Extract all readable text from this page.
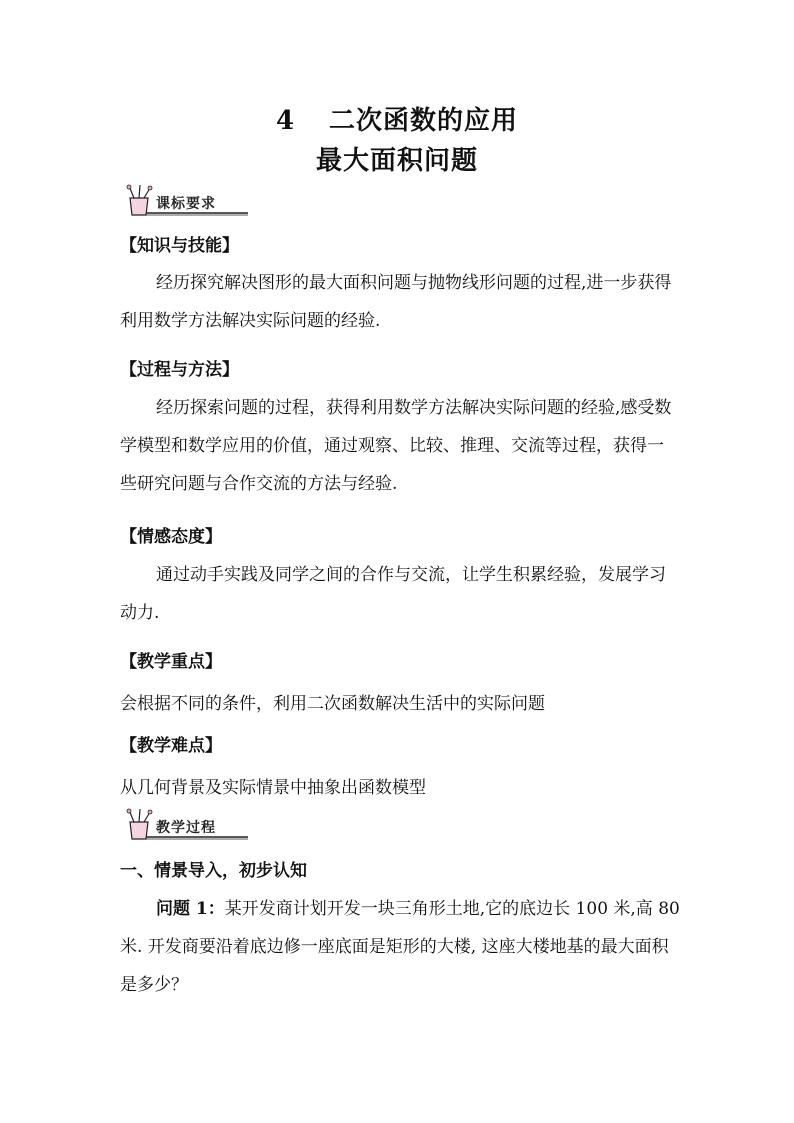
4 二次函数的应用
最大面积问题
课标要求
【知识与技能】
经历探究解决图形的最大面积问题与抛物线形问题的过程,进一步获得利用数学方法解决实际问题的经验.
【过程与方法】
经历探索问题的过程，获得利用数学方法解决实际问题的经验,感受数学模型和数学应用的价值，通过观察、比较、推理、交流等过程，获得一些研究问题与合作交流的方法与经验.
【情感态度】
通过动手实践及同学之间的合作与交流，让学生积累经验，发展学习动力.
【教学重点】
会根据不同的条件，利用二次函数解决生活中的实际问题
【教学难点】
从几何背景及实际情景中抽象出函数模型
教学过程
一、情景导入，初步认知
问题 1：某开发商计划开发一块三角形土地,它的底边长 100 米,高 80 米. 开发商要沿着底边修一座底面是矩形的大楼, 这座大楼地基的最大面积是多少？
